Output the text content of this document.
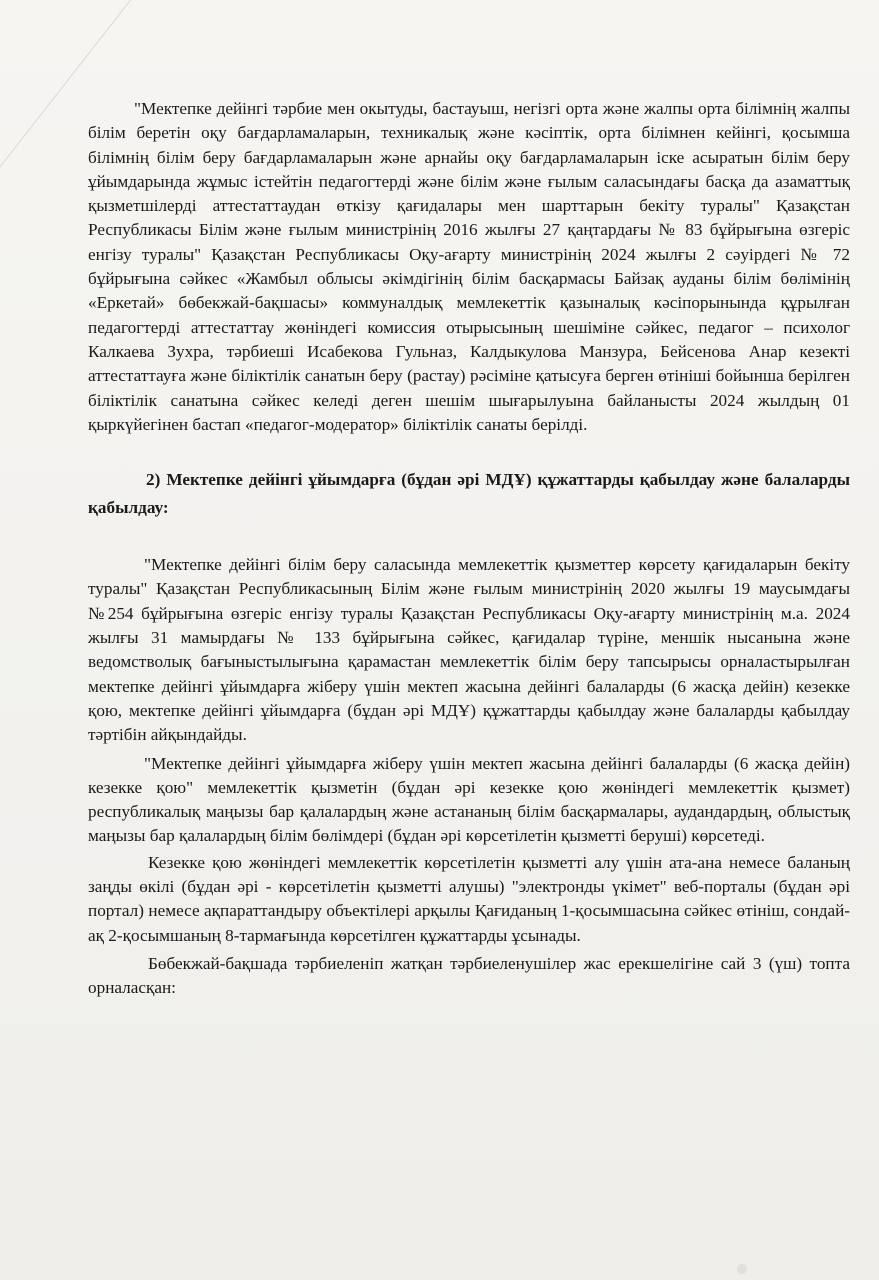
"Мектепке дейінгі тәрбие мен окытуды, бастауыш, негізгі орта және жалпы орта білімнің жалпы білім беретін оқу бағдарламаларын, техникалық және кәсіптік, орта білімнен кейінгі, қосымша білімнің білім беру бағдарламаларын және арнайы оқу бағдарламаларын іске асыратын білім беру ұйымдарында жұмыс істейтін педагогтерді және білім және ғылым саласындағы басқа да азаматтық қызметшілерді аттестаттаудан өткізу қағидалары мен шарттарын бекіту туралы" Қазақстан Республикасы Білім және ғылым министрінің 2016 жылғы 27 қаңтардағы № 83 бұйрығына өзгеріс енгізу туралы" Қазақстан Республикасы Оқу-ағарту министрінің 2024 жылғы 2 сәуірдегі № 72 бұйрығына сәйкес «Жамбыл облысы әкімдігінің білім басқармасы Байзақ ауданы білім бөлімінің «Еркетай» бөбекжай-бақшасы» коммуналдық мемлекеттік қазыналық кәсіпорынында құрылған педагогтерді аттестаттау жөніндегі комиссия отырысының шешіміне сәйкес, педагог – психолог Калкаева Зухра, тәрбиеші Исабекова Гульназ, Калдыкулова Манзура, Бейсенова Анар кезекті аттестаттауға және біліктілік санатын беру (растау) рәсіміне қатысуға берген өтініші бойынша берілген біліктілік санатына сәйкес келеді деген шешім шығарылуына байланысты 2024 жылдың 01 қыркүйегінен бастап «педагог-модератор» біліктілік санаты берілді.

2) Мектепке дейінгі ұйымдарға (бұдан әрі МДҰ) құжаттарды қабылдау және балаларды қабылдау:

"Мектепке дейінгі білім беру саласында мемлекеттік қызметтер көрсету қағидаларын бекіту туралы" Қазақстан Республикасының Білім және ғылым министрінің 2020 жылғы 19 маусымдағы №254 бұйрығына өзгеріс енгізу туралы Қазақстан Республикасы Оқу-ағарту министрінің м.а. 2024 жылғы 31 мамырдағы № 133 бұйрығына сәйкес, қағидалар түріне, меншік нысанына және ведомстволық бағыныстылығына қарамастан мемлекеттік білім беру тапсырысы орналастырылған мектепке дейінгі ұйымдарға жіберу үшін мектеп жасына дейінгі балаларды (6 жасқа дейін) кезекке қою, мектепке дейінгі ұйымдарға (бұдан әрі МДҰ) құжаттарды қабылдау және балаларды қабылдау тәртібін айқындайды.

"Мектепке дейінгі ұйымдарға жіберу үшін мектеп жасына дейінгі балаларды (6 жасқа дейін) кезекке қою" мемлекеттік қызметін (бұдан әрі кезекке қою жөніндегі мемлекеттік қызмет) республикалық маңызы бар қалалардың және астананың білім басқармалары, аудандардың, облыстық маңызы бар қалалардың білім бөлімдері (бұдан әрі көрсетілетін қызметті беруші) көрсетеді.

Кезекке қою жөніндегі мемлекеттік көрсетілетін қызметті алу үшін ата-ана немесе баланың заңды өкілі (бұдан әрі - көрсетілетін қызметті алушы) "электронды үкімет" веб-порталы (бұдан әрі портал) немесе ақпараттандыру объектілері арқылы Қағиданың 1-қосымшасына сәйкес өтініш, сондай-ақ 2-қосымшаның 8-тармағында көрсетілген құжаттарды ұсынады.

Бөбекжай-бақшада тәрбиеленіп жатқан тәрбиеленушілер жас ерекшелігіне сай 3 (үш) топта орналасқан:
